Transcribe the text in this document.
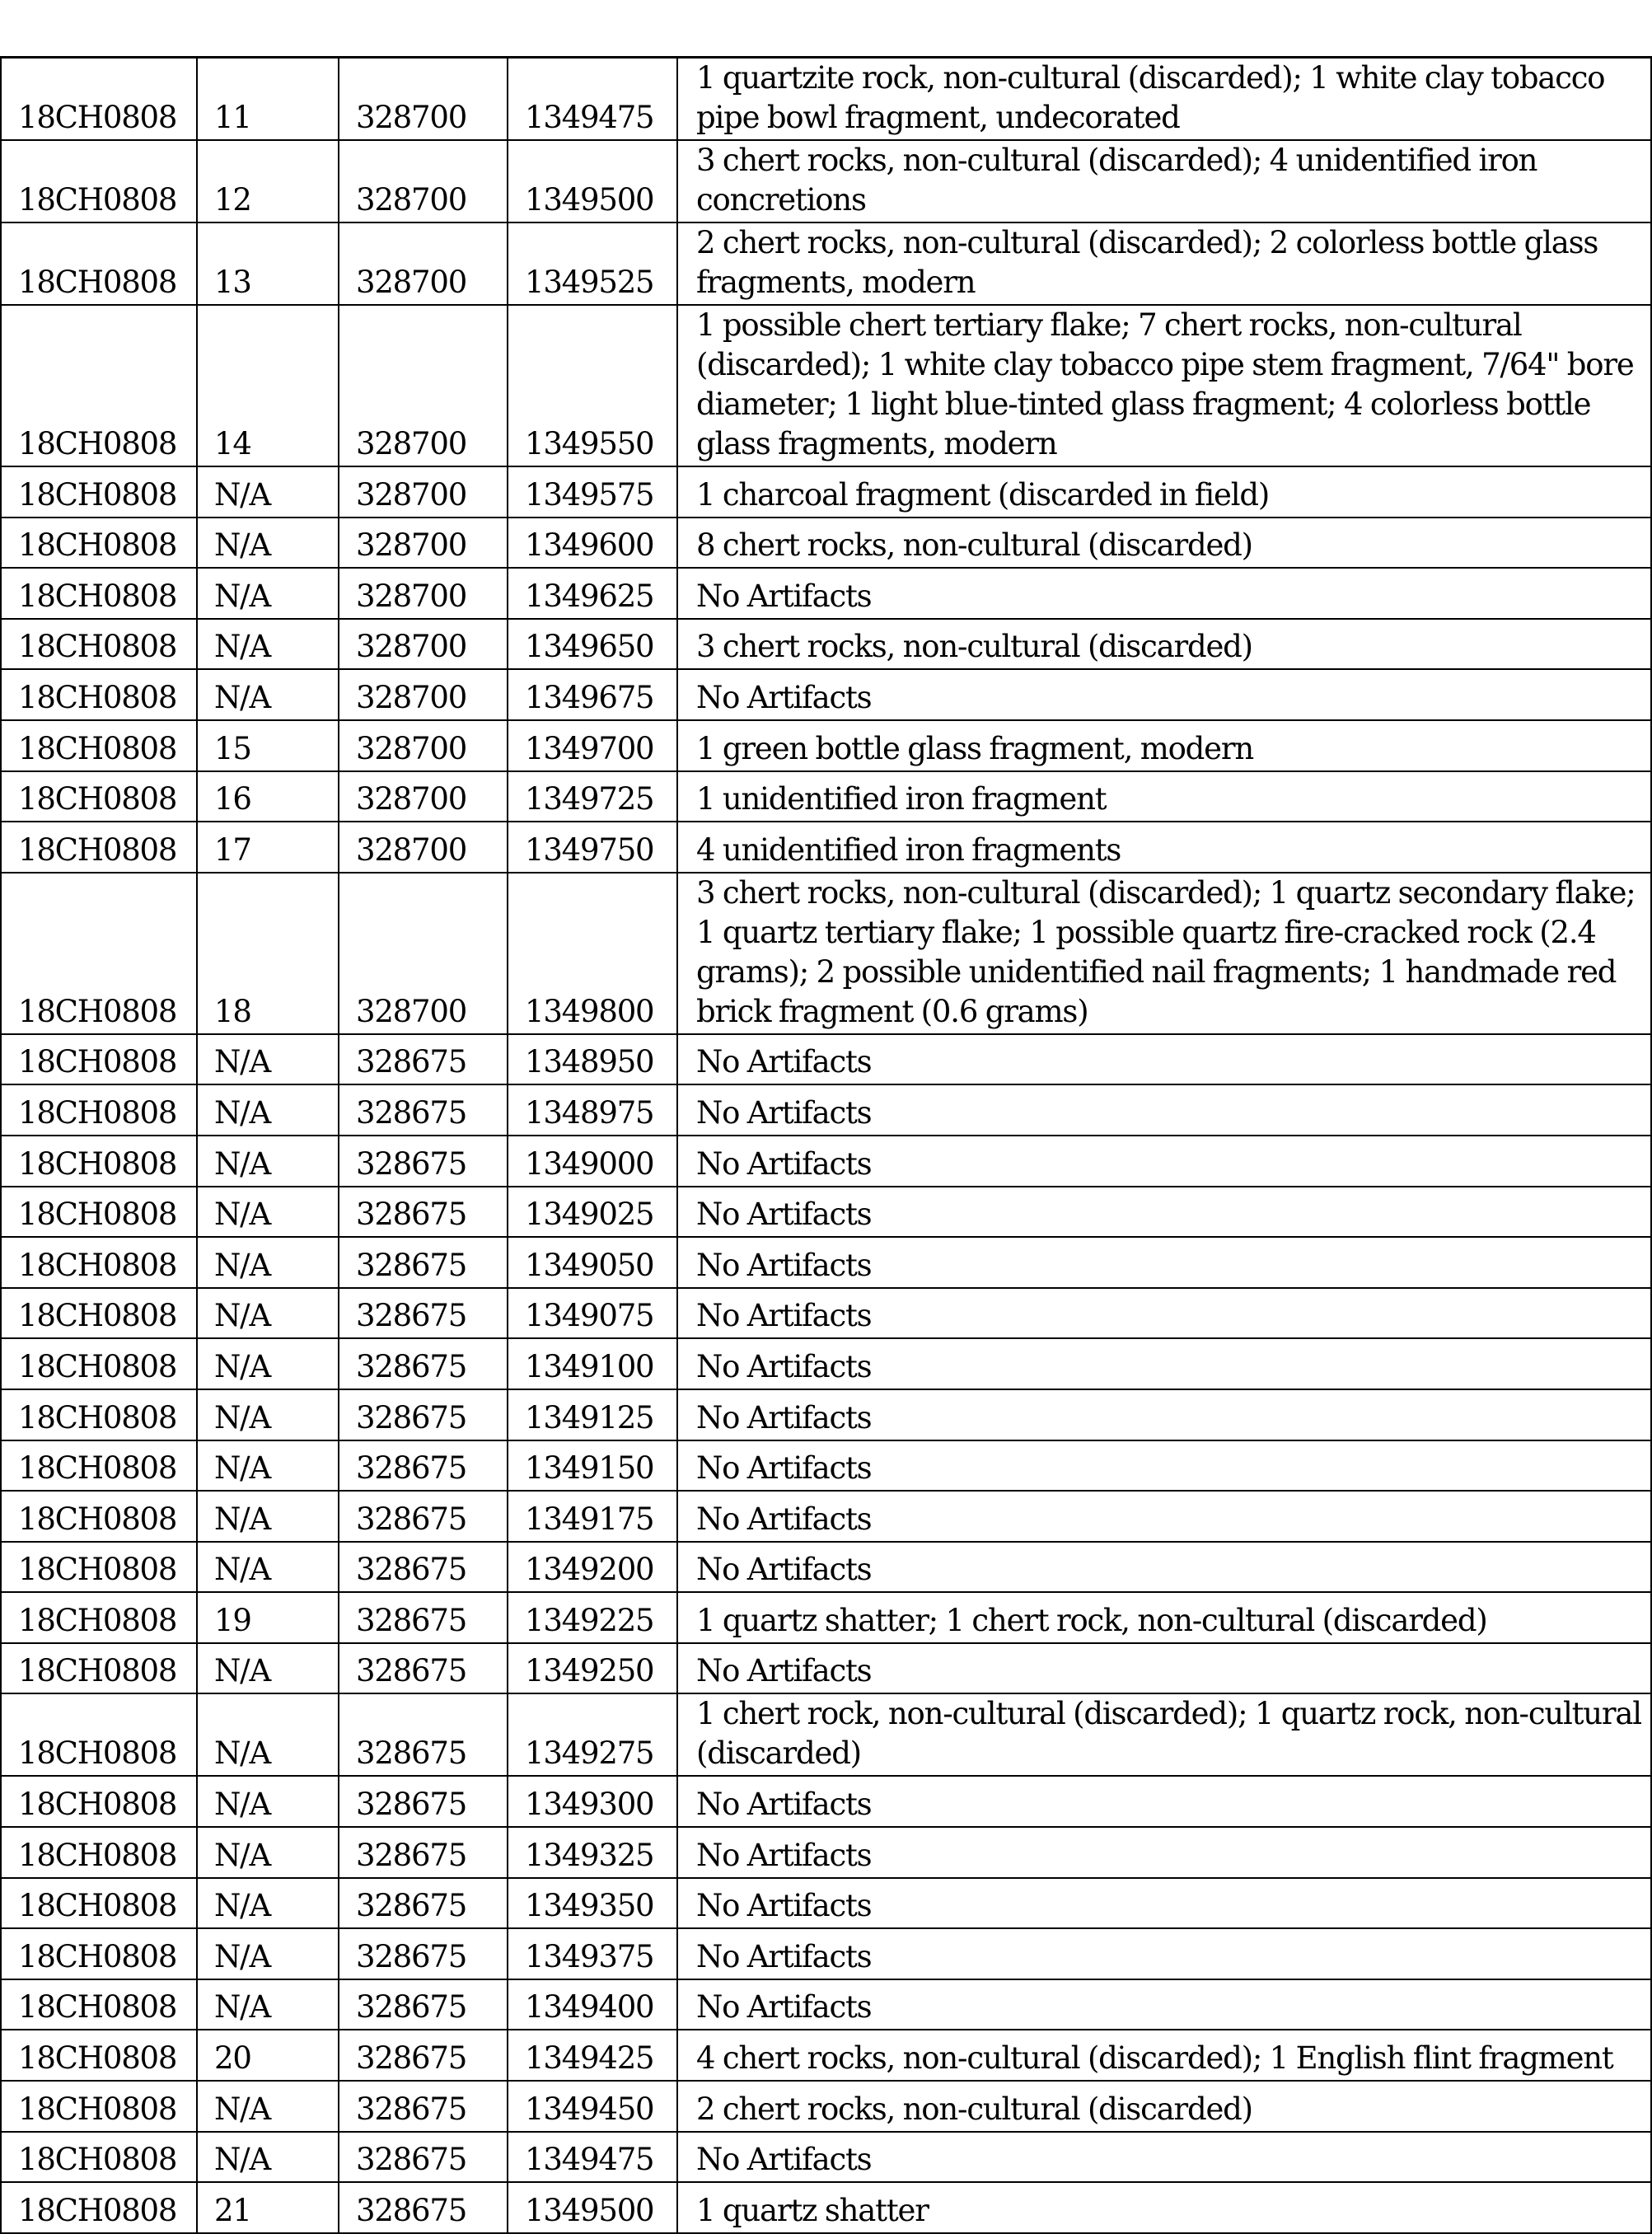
18CH0808	11	328700	1349475	1 quartzite rock, non-cultural (discarded); 1 white clay tobacco pipe bowl fragment, undecorated
18CH0808	12	328700	1349500	3 chert rocks, non-cultural (discarded); 4 unidentified iron concretions
18CH0808	13	328700	1349525	2 chert rocks, non-cultural (discarded); 2 colorless bottle glass fragments, modern
18CH0808	14	328700	1349550	1 possible chert tertiary flake; 7 chert rocks, non-cultural (discarded); 1 white clay tobacco pipe stem fragment, 7/64" bore diameter; 1 light blue-tinted glass fragment; 4 colorless bottle glass fragments, modern
18CH0808	N/A	328700	1349575	1 charcoal fragment (discarded in field)
18CH0808	N/A	328700	1349600	8 chert rocks, non-cultural (discarded)
18CH0808	N/A	328700	1349625	No Artifacts
18CH0808	N/A	328700	1349650	3 chert rocks, non-cultural (discarded)
18CH0808	N/A	328700	1349675	No Artifacts
18CH0808	15	328700	1349700	1 green bottle glass fragment, modern
18CH0808	16	328700	1349725	1 unidentified iron fragment
18CH0808	17	328700	1349750	4 unidentified iron fragments
18CH0808	18	328700	1349800	3 chert rocks, non-cultural (discarded); 1 quartz secondary flake; 1 quartz tertiary flake; 1 possible quartz fire-cracked rock (2.4 grams); 2 possible unidentified nail fragments; 1 handmade red brick fragment (0.6 grams)
18CH0808	N/A	328675	1348950	No Artifacts
18CH0808	N/A	328675	1348975	No Artifacts
18CH0808	N/A	328675	1349000	No Artifacts
18CH0808	N/A	328675	1349025	No Artifacts
18CH0808	N/A	328675	1349050	No Artifacts
18CH0808	N/A	328675	1349075	No Artifacts
18CH0808	N/A	328675	1349100	No Artifacts
18CH0808	N/A	328675	1349125	No Artifacts
18CH0808	N/A	328675	1349150	No Artifacts
18CH0808	N/A	328675	1349175	No Artifacts
18CH0808	N/A	328675	1349200	No Artifacts
18CH0808	19	328675	1349225	1 quartz shatter; 1 chert rock, non-cultural (discarded)
18CH0808	N/A	328675	1349250	No Artifacts
18CH0808	N/A	328675	1349275	1 chert rock, non-cultural (discarded); 1 quartz rock, non-cultural (discarded)
18CH0808	N/A	328675	1349300	No Artifacts
18CH0808	N/A	328675	1349325	No Artifacts
18CH0808	N/A	328675	1349350	No Artifacts
18CH0808	N/A	328675	1349375	No Artifacts
18CH0808	N/A	328675	1349400	No Artifacts
18CH0808	20	328675	1349425	4 chert rocks, non-cultural (discarded); 1 English flint fragment
18CH0808	N/A	328675	1349450	2 chert rocks, non-cultural (discarded)
18CH0808	N/A	328675	1349475	No Artifacts
18CH0808	21	328675	1349500	1 quartz shatter
